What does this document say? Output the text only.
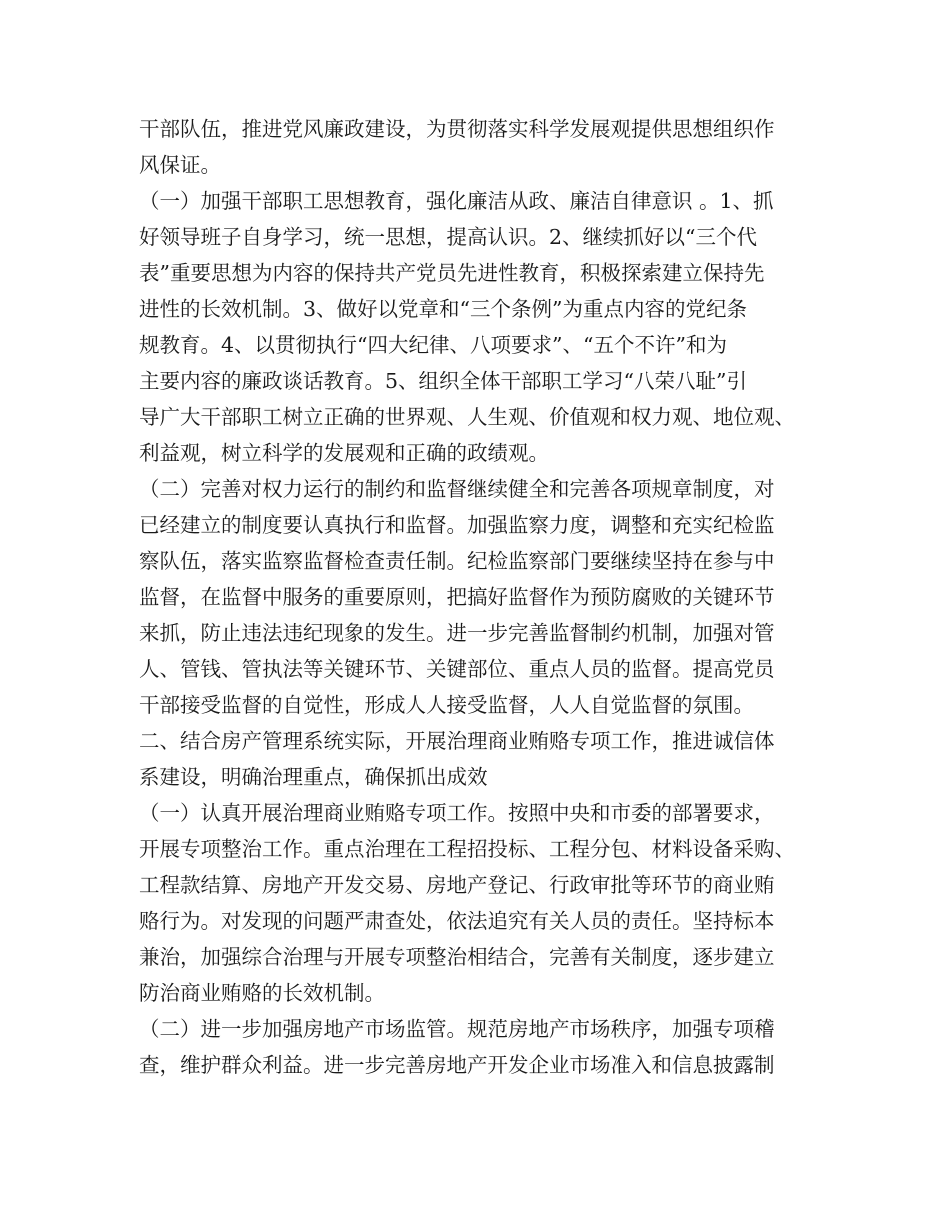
干部队伍，推进党风廉政建设，为贯彻落实科学发展观提供思想组织作
风保证。
（一）加强干部职工思想教育，强化廉洁从政、廉洁自律意识 。1、抓
好领导班子自身学习，统一思想，提高认识。2、继续抓好以“三个代
表”重要思想为内容的保持共产党员先进性教育，积极探索建立保持先
进性的长效机制。3、做好以党章和“三个条例”为重点内容的党纪条
规教育。4、以贯彻执行“四大纪律、八项要求”、“五个不许”和为
主要内容的廉政谈话教育。5、组织全体干部职工学习“八荣八耻”引
导广大干部职工树立正确的世界观、人生观、价值观和权力观、地位观、
利益观，树立科学的发展观和正确的政绩观。
（二）完善对权力运行的制约和监督继续健全和完善各项规章制度，对
已经建立的制度要认真执行和监督。加强监察力度，调整和充实纪检监
察队伍，落实监察监督检查责任制。纪检监察部门要继续坚持在参与中
监督，在监督中服务的重要原则，把搞好监督作为预防腐败的关键环节
来抓，防止违法违纪现象的发生。进一步完善监督制约机制，加强对管
人、管钱、管执法等关键环节、关键部位、重点人员的监督。提高党员
干部接受监督的自觉性，形成人人接受监督，人人自觉监督的氛围。
二、结合房产管理系统实际，开展治理商业贿赂专项工作，推进诚信体
系建设，明确治理重点，确保抓出成效
（一）认真开展治理商业贿赂专项工作。按照中央和市委的部署要求，
开展专项整治工作。重点治理在工程招投标、工程分包、材料设备采购、
工程款结算、房地产开发交易、房地产登记、行政审批等环节的商业贿
赂行为。对发现的问题严肃查处，依法追究有关人员的责任。坚持标本
兼治，加强综合治理与开展专项整治相结合，完善有关制度，逐步建立
防治商业贿赂的长效机制。
（二）进一步加强房地产市场监管。规范房地产市场秩序，加强专项稽
查，维护群众利益。进一步完善房地产开发企业市场准入和信息披露制
